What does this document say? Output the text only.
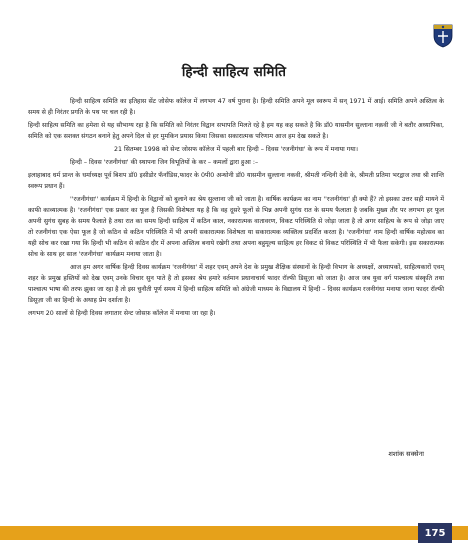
हिन्दी साहित्य समिति

हिन्दी साहित्य समिति का इतिहास सेंट जोसेफ कॉलेज में लगभग 47 वर्ष पुराना है। हिन्दी समिति अपने मूल स्वरूप में सन् 1971 में आई। समिति अपने अस्तित्व के समय से ही निरंतर प्रगति के पथ पर चल रही है।

हिन्दी साहित्य समिति का हमेशा से यह सौभाग्य रहा है कि समिति को निरंतर विद्वान सभापति मिलते रहे है हम यह कह सकते है कि डॉ0 यासमीन सुल्ताना नक़वी जी ने बतौर अध्यापिका, समिति को एक सशक्त संगठन बनाने हेतु अपने दिल से हर मुमकिन प्रयास किया जिसका सकारात्मक परिणाम आज हम देख सकते है।

21 सितम्बर 1998 को सेन्ट जोसफ कॉलेज में पहली बार हिन्दी – दिवस 'रजनीगंधा' के रूप में मनाया गया।

हिन्दी – दिवस 'रजनीगंधा' की स्थापना जिन विभूतियों के कर – कमलों द्वारा हुआ :–

इलाहाबाद धर्म प्रान्त के धर्माध्यक्ष पूर्व बिशप डॉ0 इसीडोर फॅर्नांडिस,फादर के 0पी0 अन्थोनी डॉ0 यासमीन सुल्ताना नकवी, श्रीमती नन्दिनी देवी के, श्रीमती प्रतिमा भरद्वाज तथा श्री शान्ति स्वरूप प्रधान हैं।

''रजनीगंधा'' कार्यक्रम में हिन्दी के विद्वानों को बुलाने का श्रेय सुल्ताना जी को जाता है। वार्षिक कार्यक्रम का नाम ''रजनीगंधा' ही क्यो हैं? तो इसका उत्तर सही मायने में काफी काव्यात्मक है। 'रजनीगंधा' एक प्रकार का फूल है जिसकी विशेषता यह है कि वह दूसरे फूलों से भिन्न अपनी सुगंध रात के समय फैलाता है जबकि मुख्य तौर पर लगभग हर फूल अपनी सुगंध सुबह के समय फैलाते है तथा रात का समय हिन्दी साहित्य में कठिन काल, नकारात्मक वातावरण, विकट परिस्थिति से जोड़ा जाता है तो अगर साहित्य के रूप से जोड़ा जाए तो रजनीगंधा एक ऐसा फूल है जो कठिन से कठिन परिस्थिति में भी अपनी सकारात्मक विशेषता या सकारात्मक व्यक्तित्व प्रदर्शित करता है। 'रजनीगंधा' नाम हिन्दी वार्षिक महोत्सव का यही सोच कर रखा गया कि हिन्दी भी कठिन से कठिन दौर में अपना अस्तित्व बनाये रखेगी तथा अपना बहुमूल्य साहित्य हर विकट से विकट परिस्थिति में भी फैला सकेगी। इस सकारात्मक सोच के साथ हर साल 'रजनीगंधा' कार्यक्रम मनाया जाता है।

आज हम अगर वार्षिक हिन्दी दिवस कार्यक्रम 'रजनीगंधा' में शहर एवम् अपने देश के प्रमुख शैक्षिक संस्थानों के हिन्दी विभाग के अध्यक्षों, अध्यापकों, साहित्यकारों एवम् शहर के प्रमुख हस्तियों को देख एवम् उनके विचार सुन पाते है तो इसका श्रेय हमारे वर्तमान प्रधानाचार्य फादर रॉल्फी डिसूज़ा को जाता है। आज जब युवा वर्ग पाश्चात्य संस्कृति तथा पाश्चात्य भाषा की तरफ झुका जा रहा है तो इस चुनौती पूर्ण समय में हिन्दी साहित्य समिति को अंग्रेजी माध्यम के विद्यालय में हिन्दी – दिवस कार्यक्रम रजनीगंधा मनाया जाना फादर रॉल्फी डिसूज़ा जी का हिन्दी के अथाह प्रेम दर्शाता है।

लगभग 20 सालों से हिन्दी दिवस लगातार सेन्ट जोसफ़ कॉलेज में मनाया जा रहा है।

शशांक सक्सेना
175
